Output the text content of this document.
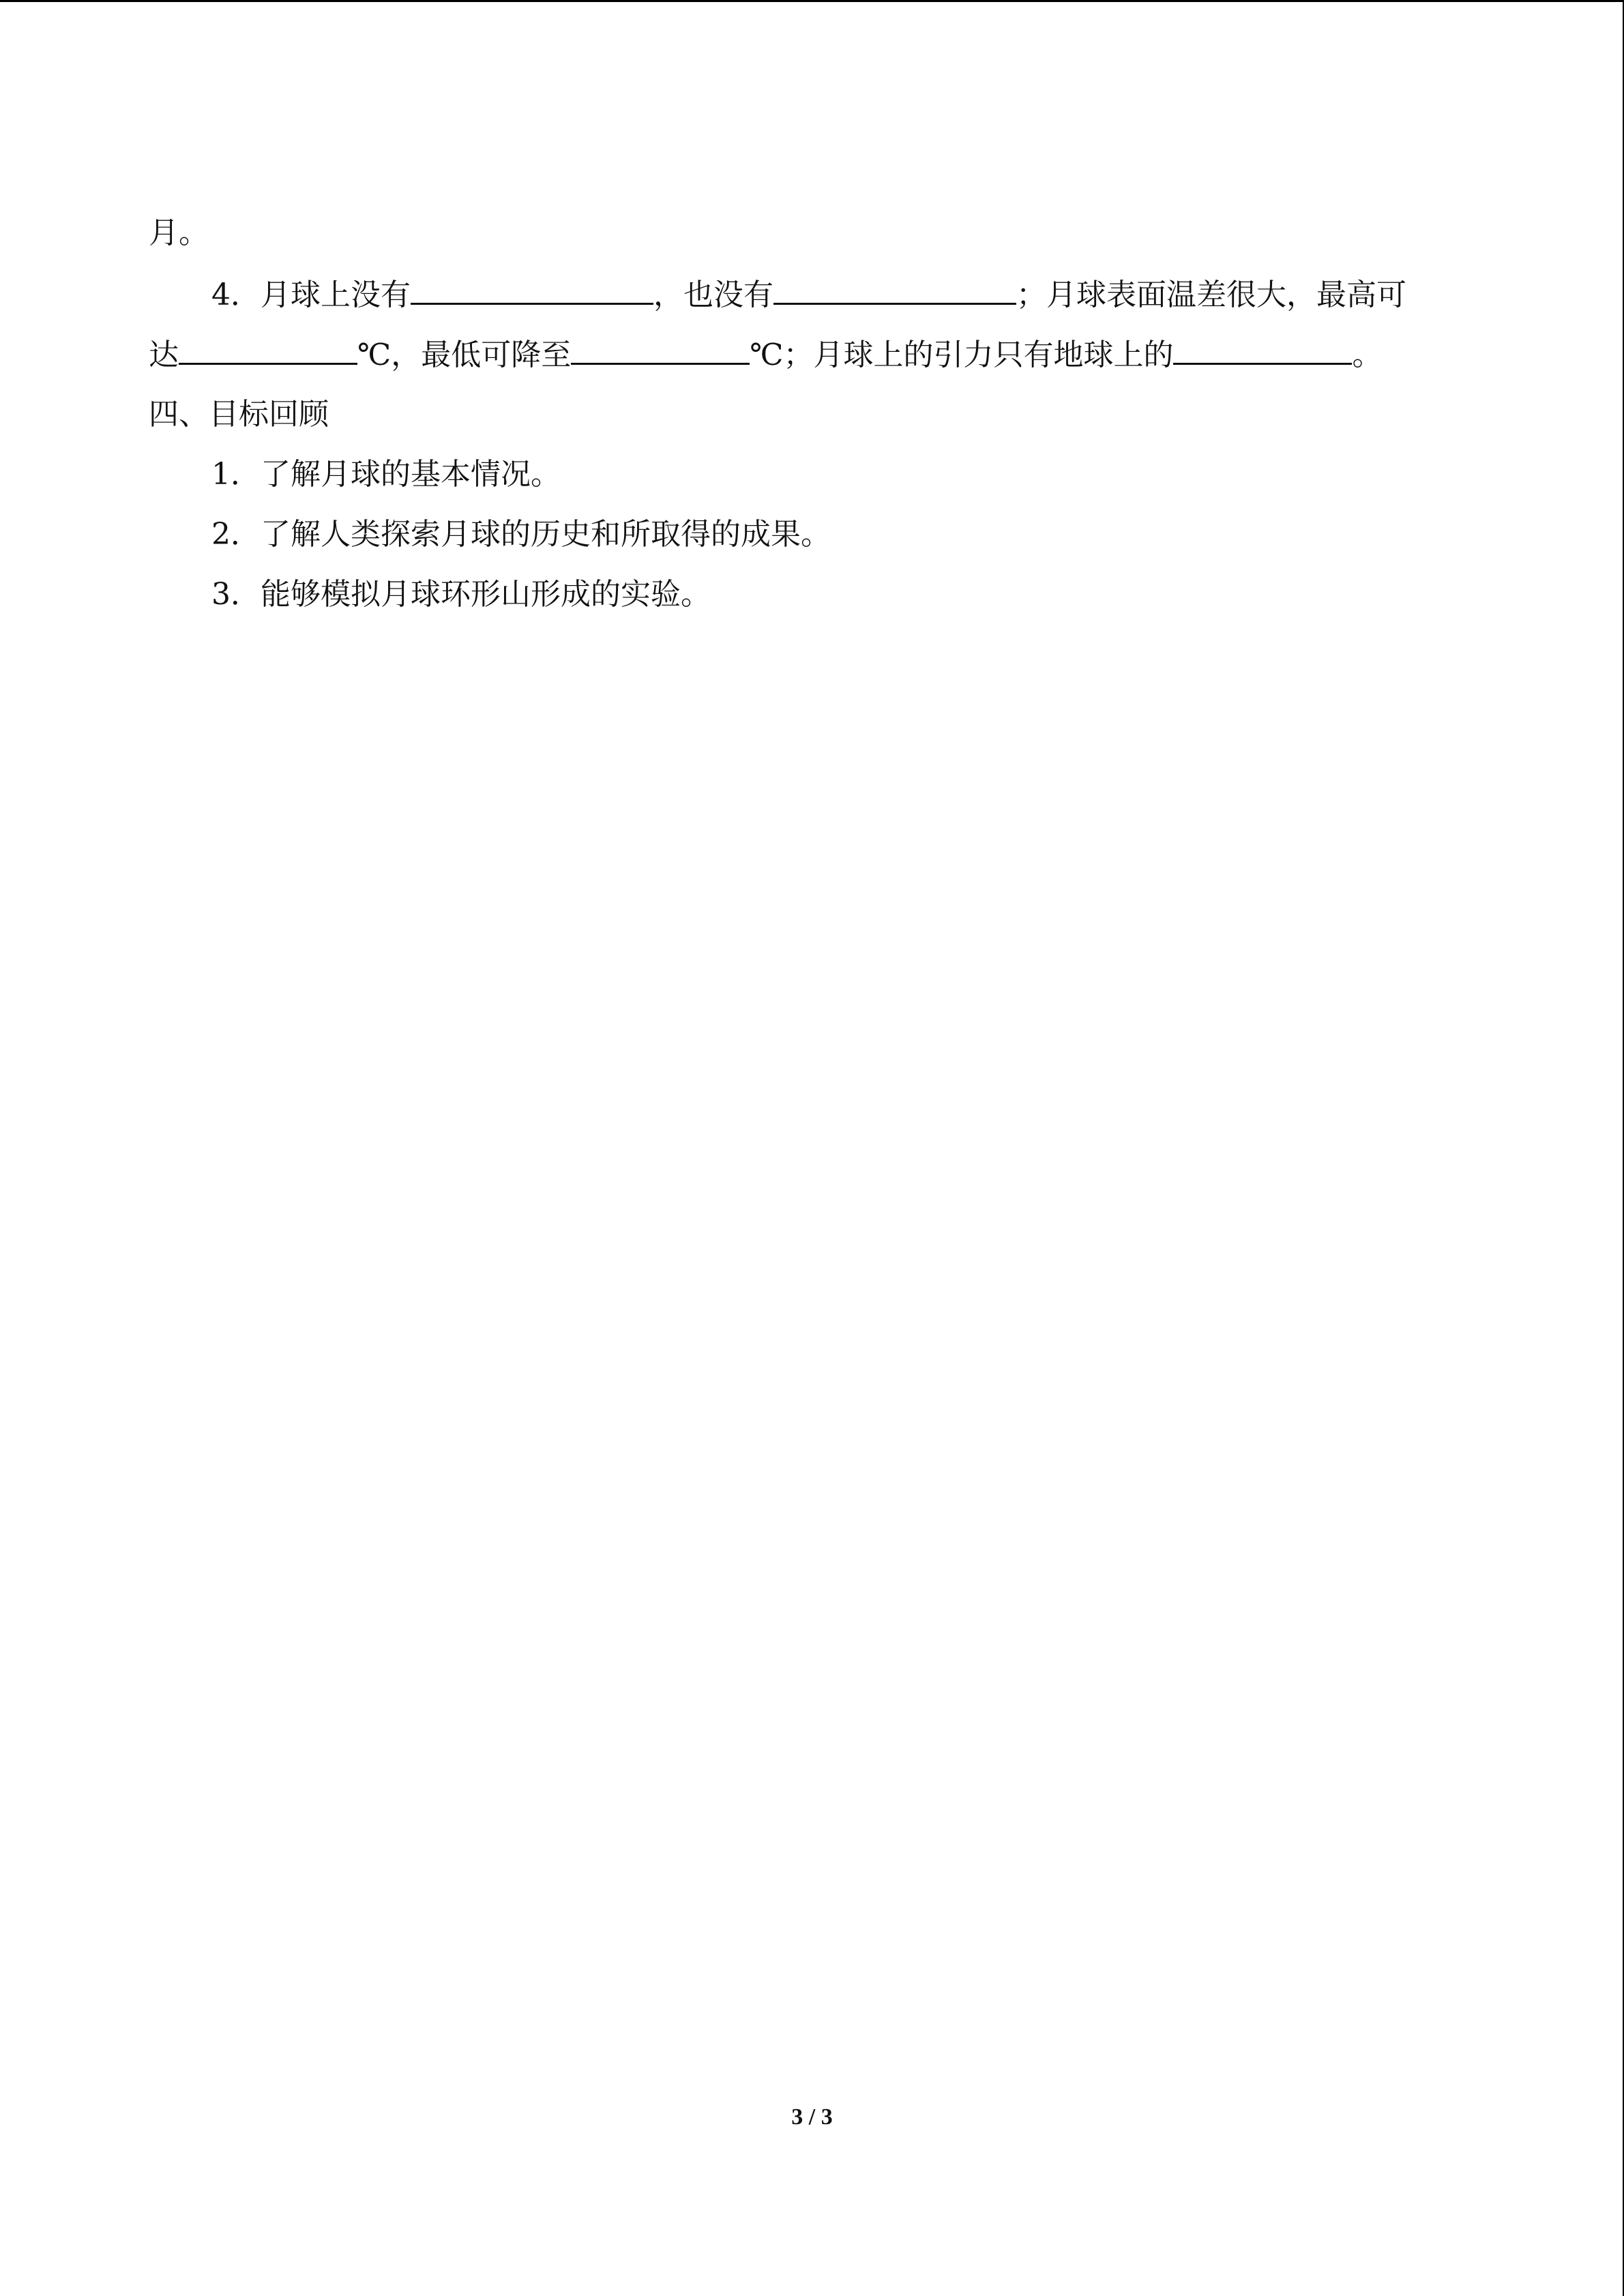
月。
4．月球上没有	，也没有	；月球表面温差很大，最高可
达	℃，最低可降至	℃；月球上的引力只有地球上的	。
四、目标回顾
1．了解月球的基本情况。
2．了解人类探索月球的历史和所取得的成果。
3．能够模拟月球环形山形成的实验。
3 / 3
